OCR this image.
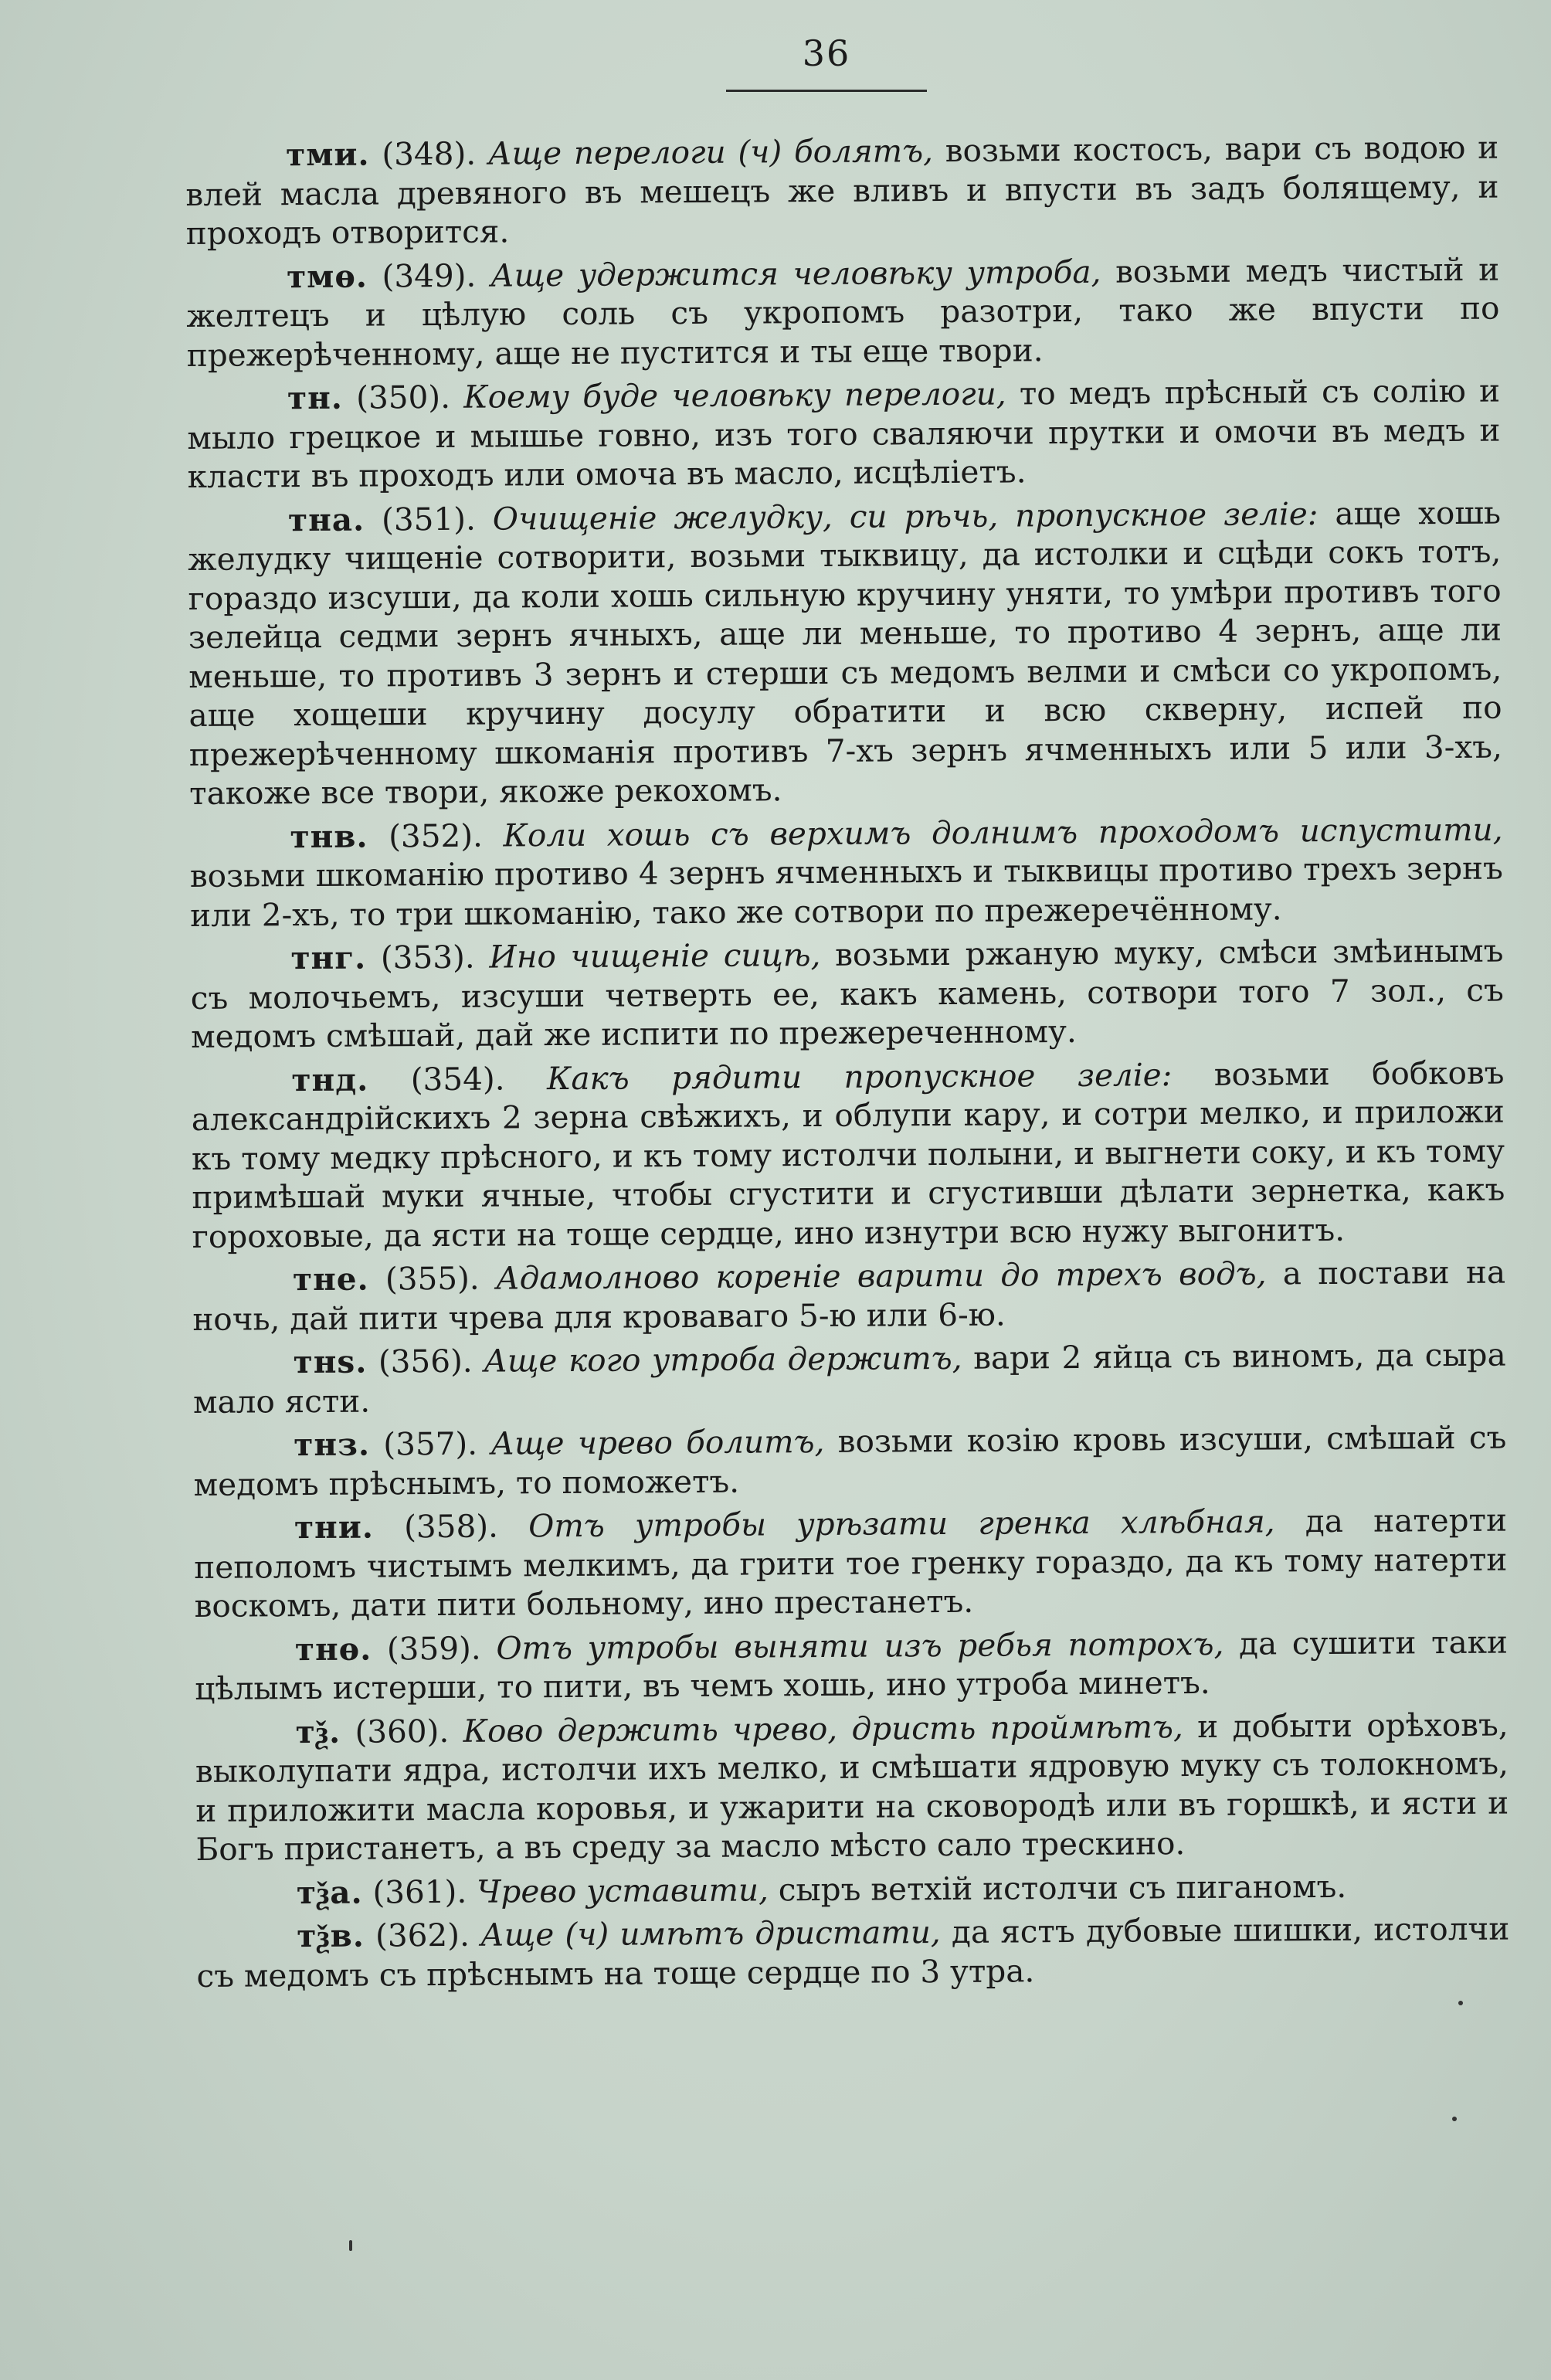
36

тми. (348). Аще перелоги (ч) болятъ, возьми костосъ, вари съ водою и влей масла древяного въ мешецъ же вливъ и впусти въ задъ болящему, и проходъ отворится.

тмѳ. (349). Аще удержится человѣку утроба, возьми медъ чистый и желтецъ и цѣлую соль съ укропомъ разотри, тако же впусти по прежерѣченному, аще не пустится и ты еще твори.

тн. (350). Коему буде человѣку перелоги, то медъ прѣсный съ солію и мыло грецкое и мышье говно, изъ того сваляючи прутки и омочи въ медъ и класти въ проходъ или омоча въ масло, исцѣліетъ.

тна. (351). Очищеніе желудку, си рѣчь, пропускное зеліе: аще хошь желудку чищеніе сотворити, возьми тыквицу, да истолки и сцѣди сокъ тотъ, гораздо изсуши, да коли хошь сильную кручину уняти, то умѣри противъ того зелейца седми зернъ ячныхъ, аще ли меньше, то противо 4 зернъ, аще ли меньше, то противъ 3 зернъ и стерши съ медомъ велми и смѣси со укропомъ, аще хощеши кручину досулу обратити и всю скверну, испей по прежерѣченному шкоманія противъ 7-хъ зернъ ячменныхъ или 5 или 3-хъ, такоже все твори, якоже рекохомъ.

тнв. (352). Коли хошь съ верхимъ долнимъ проходомъ испустити, возьми шкоманію противо 4 зернъ ячменныхъ и тыквицы противо трехъ зернъ или 2-хъ, то три шкоманію, тако же сотвори по прежеречённому.

тнг. (353). Ино чищеніе сицѣ, возьми ржаную муку, смѣси змѣинымъ съ молочьемъ, изсуши четверть ее, какъ камень, сотвори того 7 зол., съ медомъ смѣшай, дай же испити по прежереченному.

тнд. (354). Какъ рядити пропускное зеліе: возьми бобковъ александрійскихъ 2 зерна свѣжихъ, и облупи кару, и сотри мелко, и приложи къ тому медку прѣсного, и къ тому истолчи полыни, и выгнети соку, и къ тому примѣшай муки ячные, чтобы сгустити и сгустивши дѣлати зернетка, какъ гороховые, да ясти на тоще сердце, ино изнутри всю нужу выгонитъ.

тне. (355). Адамолново кореніе варити до трехъ водъ, а постави на ночь, дай пити чрева для кроваваго 5-ю или 6-ю.

тнѕ. (356). Аще кого утроба держитъ, вари 2 яйца съ виномъ, да сыра мало ясти.

тнз. (357). Аще чрево болитъ, возьми козію кровь изсуши, смѣшай съ медомъ прѣснымъ, то поможетъ.

тни. (358). Отъ утробы урѣзати гренка хлѣбная, да натерти пеполомъ чистымъ мелкимъ, да грити тое гренку гораздо, да къ тому натерти воскомъ, дати пити больному, ино престанетъ.

тнѳ. (359). Отъ утробы выняти изъ ребья потрохъ, да сушити таки цѣлымъ истерши, то пити, въ чемъ хошь, ино утроба минетъ.

тѯ. (360). Ково держить чрево, дристь проймѣтъ, и добыти орѣховъ, выколупати ядра, истолчи ихъ мелко, и смѣшати ядровую муку съ толокномъ, и приложити масла коровья, и ужарити на сковородѣ или въ горшкѣ, и ясти и Богъ пристанетъ, а въ среду за масло мѣсто сало трескино.

тѯа. (361). Чрево уставити, сыръ ветхій истолчи съ пиганомъ.

тѯв. (362). Аще (ч) имѣтъ дристати, да ястъ дубовые шишки, истолчи съ медомъ съ прѣснымъ на тоще сердце по 3 утра.
